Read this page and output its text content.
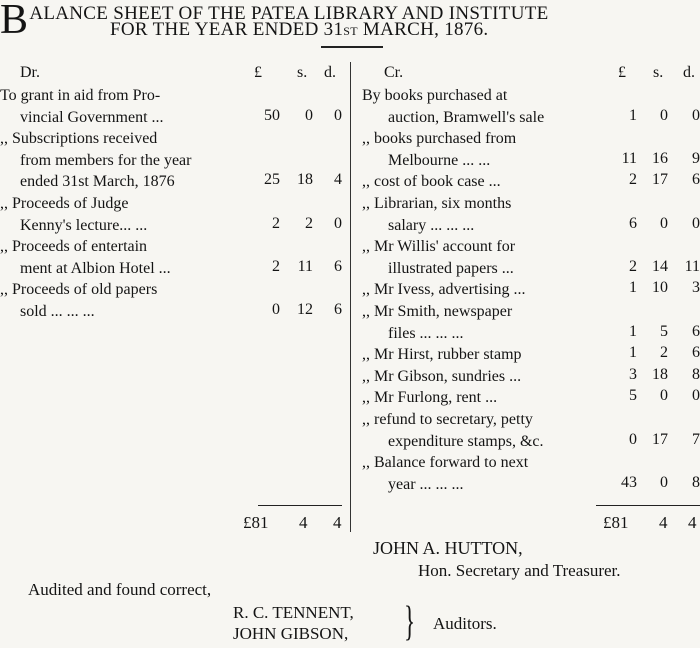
BALANCE SHEET OF THE PATEA LIBRARY AND INSTITUTE
FOR THE YEAR ENDED 31ST MARCH, 1876.
Dr.	£ s. d.	Cr.	£ s. d.
To grant in aid from Pro-
vincial Government ...	50	0	0
,, Subscriptions received
from members for the year
ended 31st March, 1876	25	18	4
,, Proceeds of Judge
Kenny's lecture... ...	2	2	0
,, Proceeds of entertain
ment at Albion Hotel ...	2	11	6
,, Proceeds of old papers
sold ... ... ...	0	12	6
By books purchased at
auction, Bramwell's sale	1	0	0
,, books purchased from
Melbourne ... ...	11 16	9
,, cost of book case ...	2 17	6
,, Librarian, six months
salary ... ... ...	6	0	0
,, Mr Willis' account for
illustrated papers ...	2 14 11
,, Mr Ivess, advertising ...	1 10	3
,, Mr Smith, newspaper
files ... ... ...	1	5	6
,, Mr Hirst, rubber stamp	1	2	6
,, Mr Gibson, sundries ...	3 18	8
,, Mr Furlong, rent ...	5	0	0
,, refund to secretary, petty
expenditure stamps, &c.	0 17	7
,, Balance forward to next
year ... ... ...	43	0	8
£81 4 4	£81 4 4
JOHN A. HUTTON,
Hon. Secretary and Treasurer.
Audited and found correct,
R. C. TENNENT,
JOHN GIBSON, } Auditors.
